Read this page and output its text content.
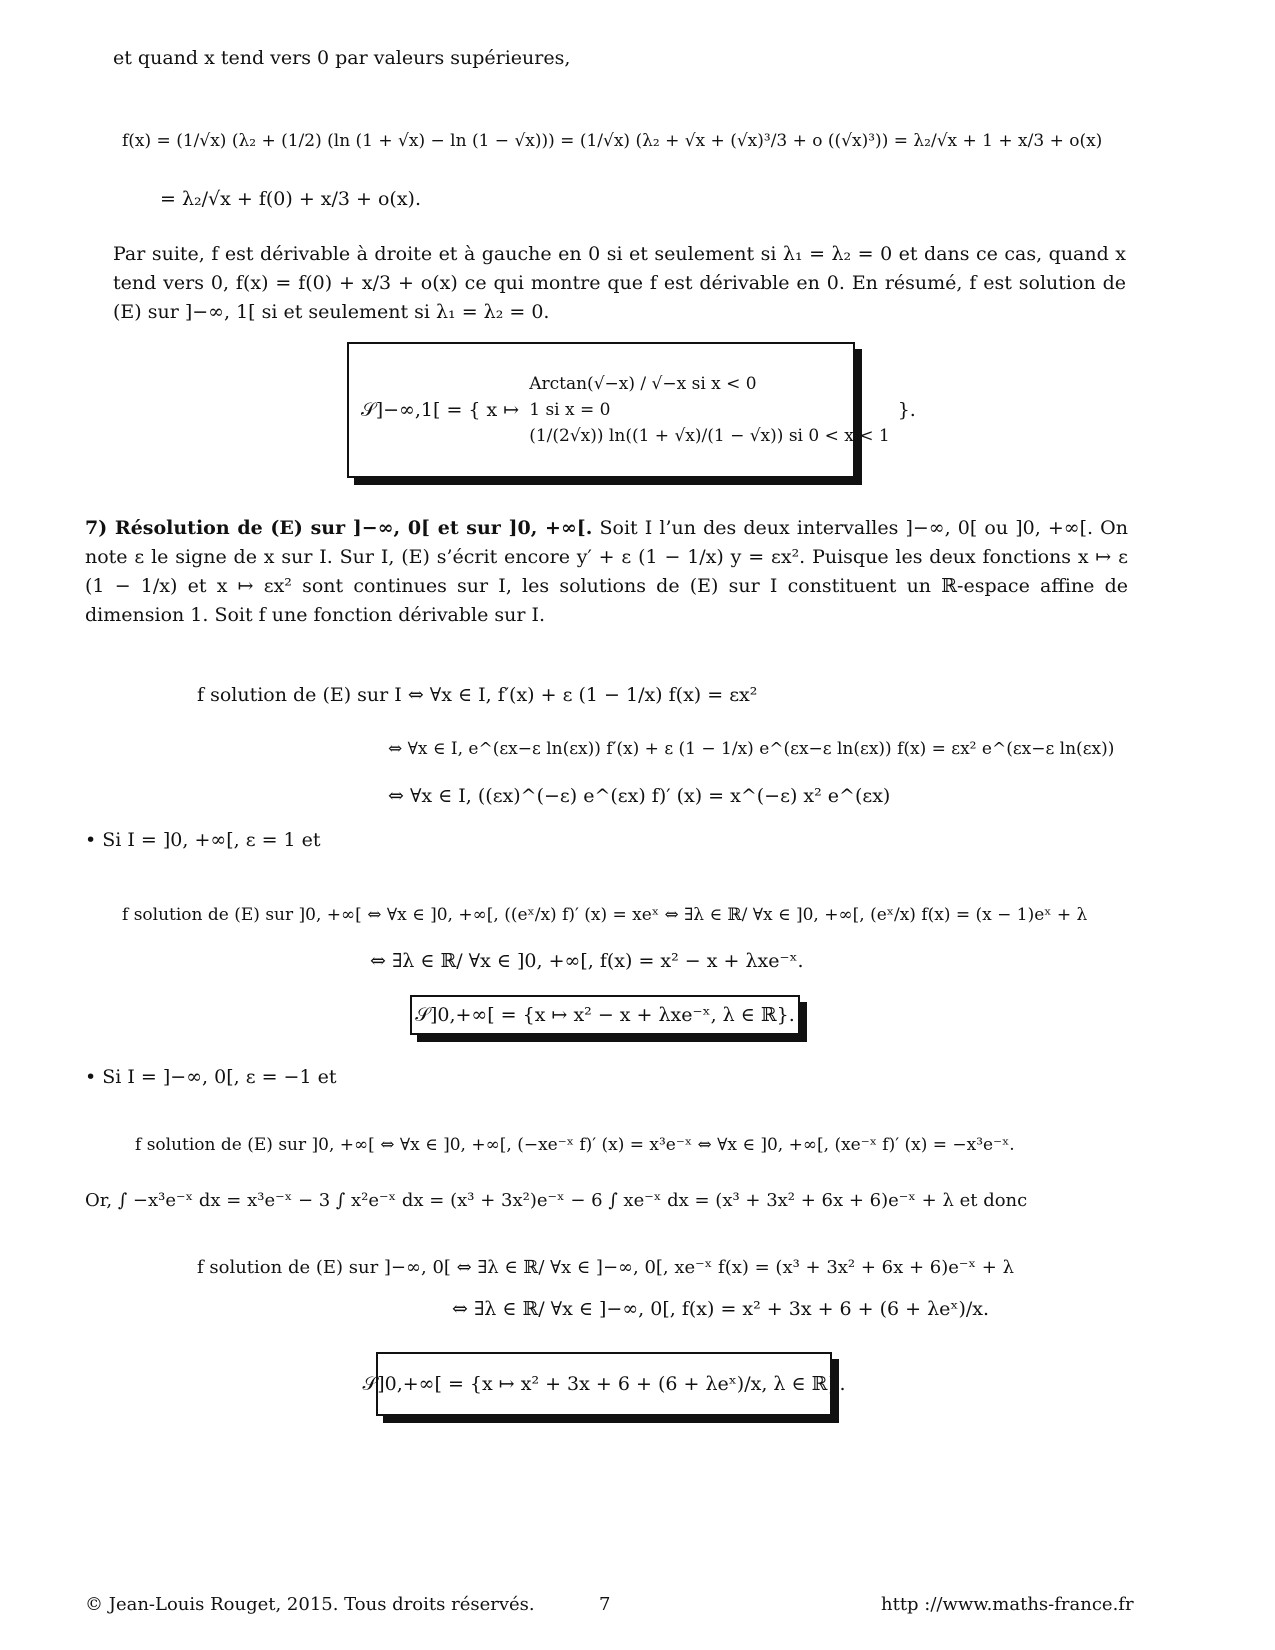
et quand x tend vers 0 par valeurs supérieures,
f(x) = (1/√x) (λ₂ + (1/2) (ln (1 + √x) − ln (1 − √x))) = (1/√x) (λ₂ + √x + (√x)³/3 + o ((√x)³)) = λ₂/√x + 1 + x/3 + o(x)
= λ₂/√x + f(0) + x/3 + o(x).
Par suite, f est dérivable à droite et à gauche en 0 si et seulement si λ₁ = λ₂ = 0 et dans ce cas, quand x tend vers 0, f(x) = f(0) + x/3 + o(x) ce qui montre que f est dérivable en 0. En résumé, f est solution de (E) sur ]−∞, 1[ si et seulement si λ₁ = λ₂ = 0.
𝒮]−∞,1[ = { x ↦
Arctan(√−x) / √−x si x < 0
1 si x = 0
(1/(2√x)) ln((1 + √x)/(1 − √x)) si 0 < x < 1
}.
7) Résolution de (E) sur ]−∞, 0[ et sur ]0, +∞[. Soit I l’un des deux intervalles ]−∞, 0[ ou ]0, +∞[. On note ε le signe de x sur I. Sur I, (E) s’écrit encore y′ + ε (1 − 1/x) y = εx². Puisque les deux fonctions x ↦ ε (1 − 1/x) et x ↦ εx² sont continues sur I, les solutions de (E) sur I constituent un ℝ-espace affine de dimension 1. Soit f une fonction dérivable sur I.
f solution de (E) sur I ⇔ ∀x ∈ I, f′(x) + ε (1 − 1/x) f(x) = εx²
⇔ ∀x ∈ I, e^(εx−ε ln(εx)) f′(x) + ε (1 − 1/x) e^(εx−ε ln(εx)) f(x) = εx² e^(εx−ε ln(εx))
⇔ ∀x ∈ I, ((εx)^(−ε) e^(εx) f)′ (x) = x^(−ε) x² e^(εx)
• Si I = ]0, +∞[, ε = 1 et
f solution de (E) sur ]0, +∞[ ⇔ ∀x ∈ ]0, +∞[, ((eˣ/x) f)′ (x) = xeˣ ⇔ ∃λ ∈ ℝ/ ∀x ∈ ]0, +∞[, (eˣ/x) f(x) = (x − 1)eˣ + λ
⇔ ∃λ ∈ ℝ/ ∀x ∈ ]0, +∞[, f(x) = x² − x + λxe⁻ˣ.
𝒮]0,+∞[ = {x ↦ x² − x + λxe⁻ˣ, λ ∈ ℝ}.
• Si I = ]−∞, 0[, ε = −1 et
f solution de (E) sur ]0, +∞[ ⇔ ∀x ∈ ]0, +∞[, (−xe⁻ˣ f)′ (x) = x³e⁻ˣ ⇔ ∀x ∈ ]0, +∞[, (xe⁻ˣ f)′ (x) = −x³e⁻ˣ.
Or, ∫ −x³e⁻ˣ dx = x³e⁻ˣ − 3 ∫ x²e⁻ˣ dx = (x³ + 3x²)e⁻ˣ − 6 ∫ xe⁻ˣ dx = (x³ + 3x² + 6x + 6)e⁻ˣ + λ et donc
f solution de (E) sur ]−∞, 0[ ⇔ ∃λ ∈ ℝ/ ∀x ∈ ]−∞, 0[, xe⁻ˣ f(x) = (x³ + 3x² + 6x + 6)e⁻ˣ + λ
⇔ ∃λ ∈ ℝ/ ∀x ∈ ]−∞, 0[, f(x) = x² + 3x + 6 + (6 + λeˣ)/x.
𝒮]0,+∞[ = {x ↦ x² + 3x + 6 + (6 + λeˣ)/x, λ ∈ ℝ}.
© Jean-Louis Rouget, 2015. Tous droits réservés.	7	http ://www.maths-france.fr
